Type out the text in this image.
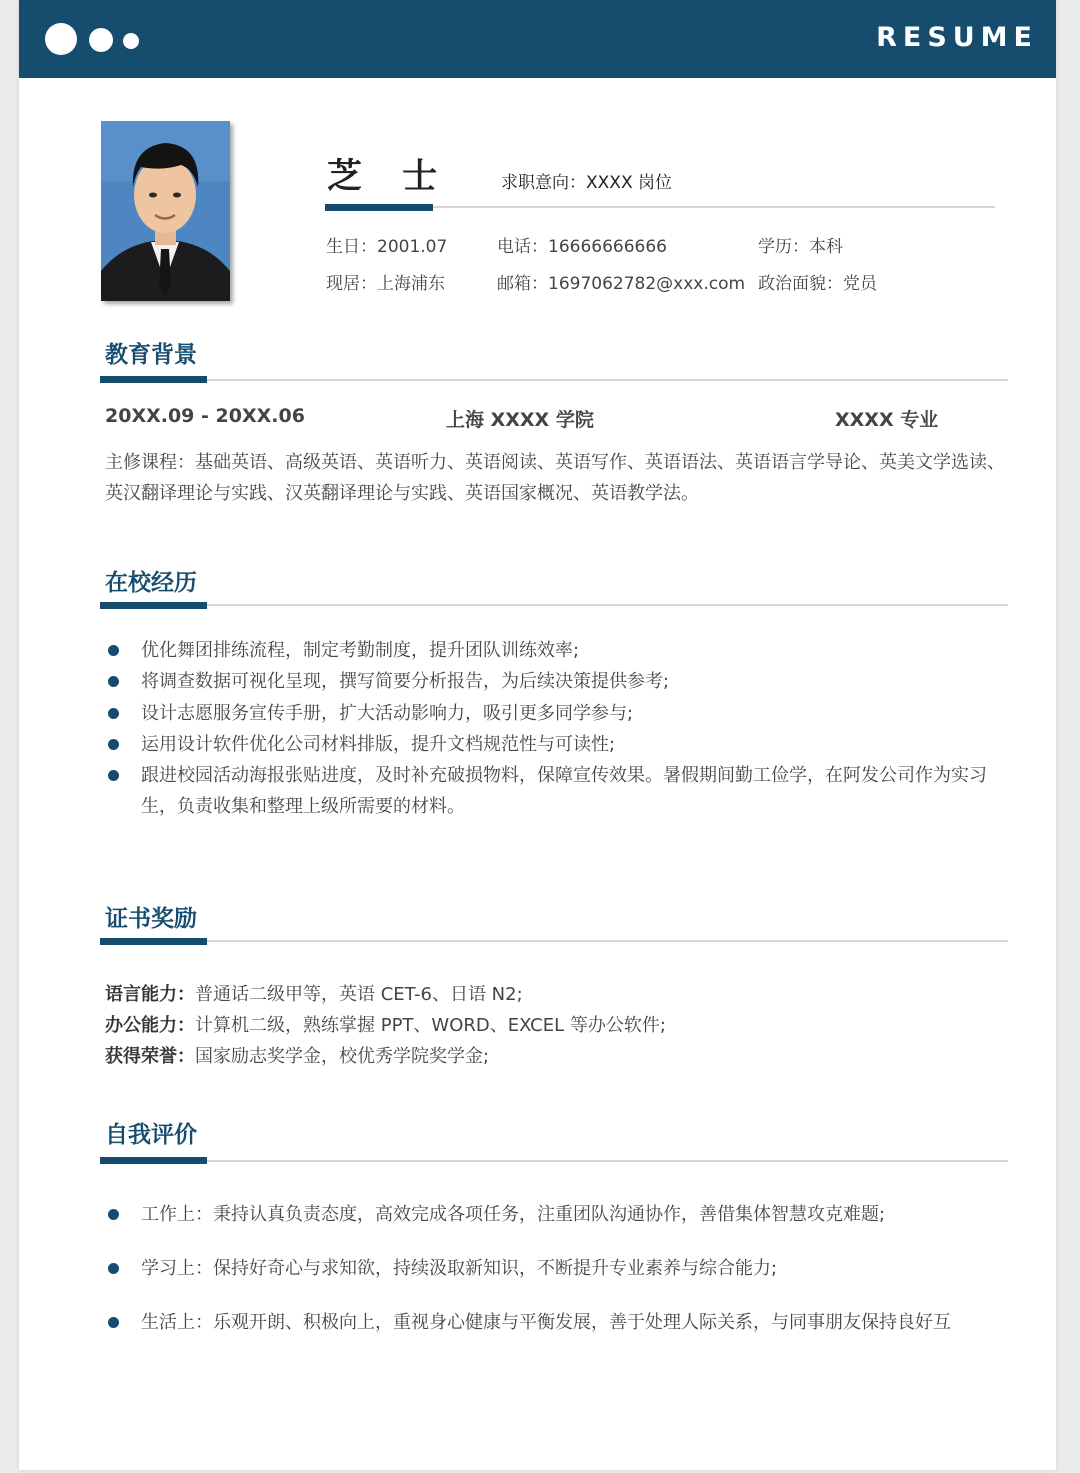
RESUME
芝 士	求职意向：XXXX 岗位
生日：2001.07	电话：16666666666	学历：本科
现居：上海浦东	邮箱：1697062782@xxx.com 政治面貌：党员
教育背景
20XX.09 - 20XX.06	上海 XXXX 学院	XXXX 专业
主修课程：基础英语、高级英语、英语听力、英语阅读、英语写作、英语语法、英语语言学导论、英美文学选读、英汉翻译理论与实践、汉英翻译理论与实践、英语国家概况、英语教学法。
在校经历
优化舞团排练流程，制定考勤制度，提升团队训练效率;
将调查数据可视化呈现，撰写简要分析报告，为后续决策提供参考;
设计志愿服务宣传手册，扩大活动影响力，吸引更多同学参与;
运用设计软件优化公司材料排版，提升文档规范性与可读性;
跟进校园活动海报张贴进度，及时补充破损物料，保障宣传效果。暑假期间勤工俭学，在阿发公司作为实习生，负责收集和整理上级所需要的材料。
证书奖励
语言能力：普通话二级甲等，英语 CET-6、日语 N2;
办公能力：计算机二级，熟练掌握 PPT、WORD、EXCEL 等办公软件;
获得荣誉：国家励志奖学金，校优秀学院奖学金;
自我评价
工作上：秉持认真负责态度，高效完成各项任务，注重团队沟通协作，善借集体智慧攻克难题;
学习上：保持好奇心与求知欲，持续汲取新知识，不断提升专业素养与综合能力;
生活上：乐观开朗、积极向上，重视身心健康与平衡发展，善于处理人际关系，与同事朋友保持良好互
